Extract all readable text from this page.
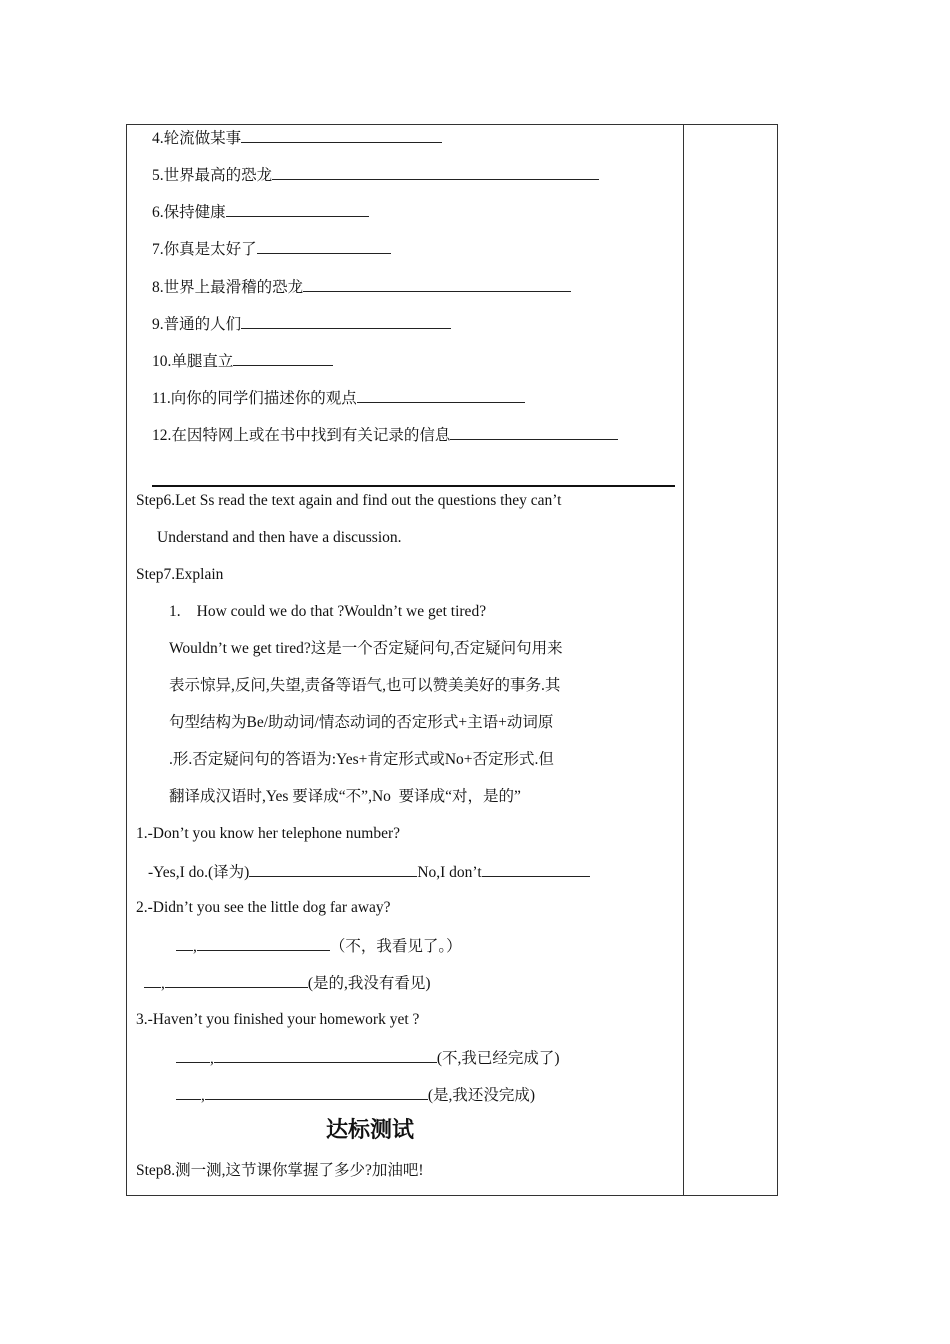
4.轮流做某事
5.世界最高的恐龙
6.保持健康
7.你真是太好了
8.世界上最滑稽的恐龙
9.普通的人们
10.单腿直立
11.向你的同学们描述你的观点
12.在因特网上或在书中找到有关记录的信息
Step6.Let Ss read the text again and find out the questions they can’t
Understand and then have a discussion.
Step7.Explain
1. How could we do that ?Wouldn’t we get tired?
Wouldn’t we get tired?这是一个否定疑问句,否定疑问句用来
表示惊异,反问,失望,责备等语气,也可以赞美美好的事务.其
句型结构为Be/助动词/情态动词的否定形式+主语+动词原
.形.否定疑问句的答语为:Yes+肯定形式或No+否定形式.但
翻译成汉语时,Yes 要译成“不”,No  要译成“对，是的”
1.-Don’t you know her telephone number?
-Yes,I do.(译为)	No,I don’t
2.-Didn’t you see the little dog far away?
,	（不，我看见了。）
,	(是的,我没有看见)
3.-Haven’t you finished your homework yet ?
,	(不,我已经完成了)
,	(是,我还没完成)
达标测试
Step8.测一测,这节课你掌握了多少?加油吧!
